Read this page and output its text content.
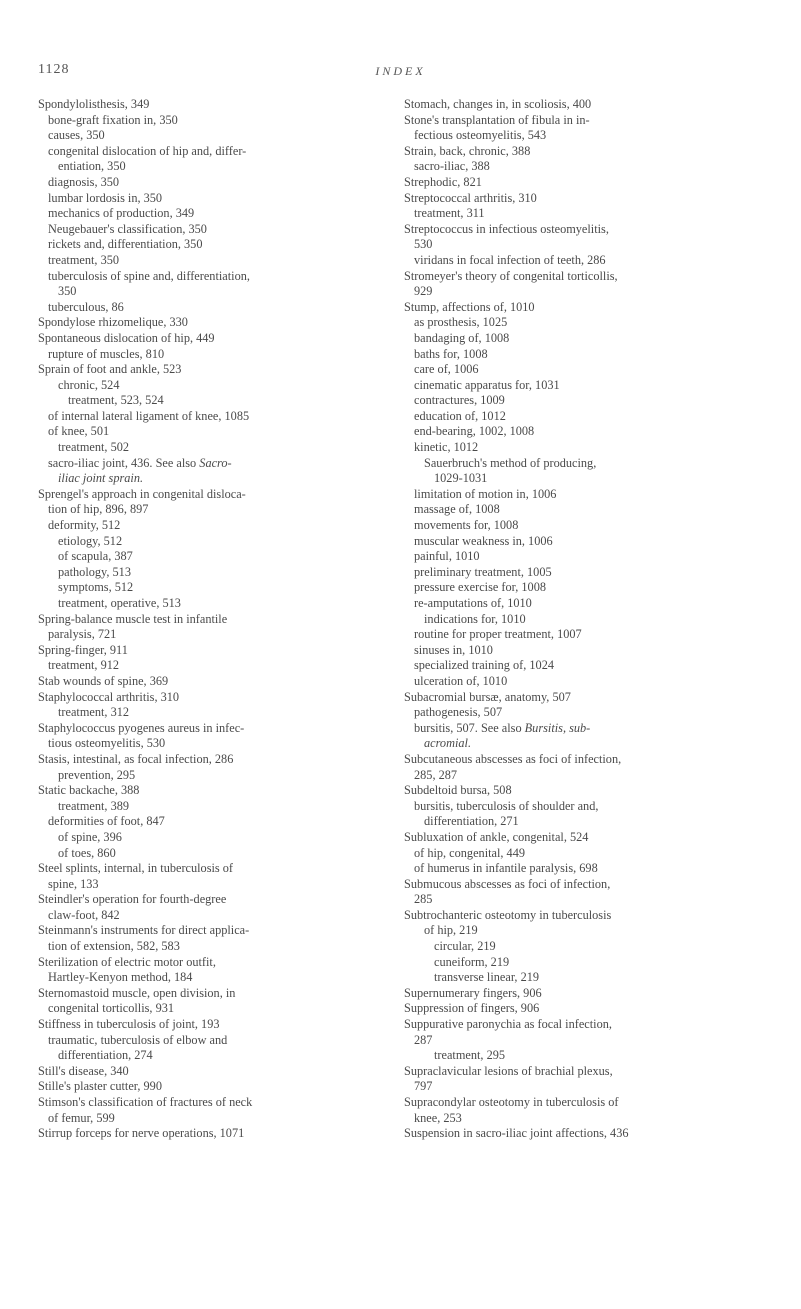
1128	INDEX
Spondylolisthesis, 349
bone-graft fixation in, 350
causes, 350
congenital dislocation of hip and, differ-
entiation, 350
diagnosis, 350
lumbar lordosis in, 350
mechanics of production, 349
Neugebauer's classification, 350
rickets and, differentiation, 350
treatment, 350
tuberculosis of spine and, differentiation,
350
tuberculous, 86
Spondylose rhizomelique, 330
Spontaneous dislocation of hip, 449
rupture of muscles, 810
Sprain of foot and ankle, 523
chronic, 524
treatment, 523, 524
of internal lateral ligament of knee, 1085
of knee, 501
treatment, 502
sacro-iliac joint, 436. See also Sacro-
iliac joint sprain.
Sprengel's approach in congenital disloca-
tion of hip, 896, 897
deformity, 512
etiology, 512
of scapula, 387
pathology, 513
symptoms, 512
treatment, operative, 513
Spring-balance muscle test in infantile
paralysis, 721
Spring-finger, 911
treatment, 912
Stab wounds of spine, 369
Staphylococcal arthritis, 310
treatment, 312
Staphylococcus pyogenes aureus in infec-
tious osteomyelitis, 530
Stasis, intestinal, as focal infection, 286
prevention, 295
Static backache, 388
treatment, 389
deformities of foot, 847
of spine, 396
of toes, 860
Steel splints, internal, in tuberculosis of
spine, 133
Steindler's operation for fourth-degree
claw-foot, 842
Steinmann's instruments for direct applica-
tion of extension, 582, 583
Sterilization of electric motor outfit,
Hartley-Kenyon method, 184
Sternomastoid muscle, open division, in
congenital torticollis, 931
Stiffness in tuberculosis of joint, 193
traumatic, tuberculosis of elbow and
differentiation, 274
Still's disease, 340
Stille's plaster cutter, 990
Stimson's classification of fractures of neck
of femur, 599
Stirrup forceps for nerve operations, 1071
Stomach, changes in, in scoliosis, 400
Stone's transplantation of fibula in in-
fectious osteomyelitis, 543
Strain, back, chronic, 388
sacro-iliac, 388
Strephodic, 821
Streptococcal arthritis, 310
treatment, 311
Streptococcus in infectious osteomyelitis,
530
viridans in focal infection of teeth, 286
Stromeyer's theory of congenital torticollis,
929
Stump, affections of, 1010
as prosthesis, 1025
bandaging of, 1008
baths for, 1008
care of, 1006
cinematic apparatus for, 1031
contractures, 1009
education of, 1012
end-bearing, 1002, 1008
kinetic, 1012
Sauerbruch's method of producing,
1029-1031
limitation of motion in, 1006
massage of, 1008
movements for, 1008
muscular weakness in, 1006
painful, 1010
preliminary treatment, 1005
pressure exercise for, 1008
re-amputations of, 1010
indications for, 1010
routine for proper treatment, 1007
sinuses in, 1010
specialized training of, 1024
ulceration of, 1010
Subacromial bursæ, anatomy, 507
pathogenesis, 507
bursitis, 507. See also Bursitis, sub-
acromial.
Subcutaneous abscesses as foci of infection,
285, 287
Subdeltoid bursa, 508
bursitis, tuberculosis of shoulder and,
differentiation, 271
Subluxation of ankle, congenital, 524
of hip, congenital, 449
of humerus in infantile paralysis, 698
Submucous abscesses as foci of infection,
285
Subtrochanteric osteotomy in tuberculosis
of hip, 219
circular, 219
cuneiform, 219
transverse linear, 219
Supernumerary fingers, 906
Suppression of fingers, 906
Suppurative paronychia as focal infection,
287
treatment, 295
Supraclavicular lesions of brachial plexus,
797
Supracondylar osteotomy in tuberculosis of
knee, 253
Suspension in sacro-iliac joint affections, 436
